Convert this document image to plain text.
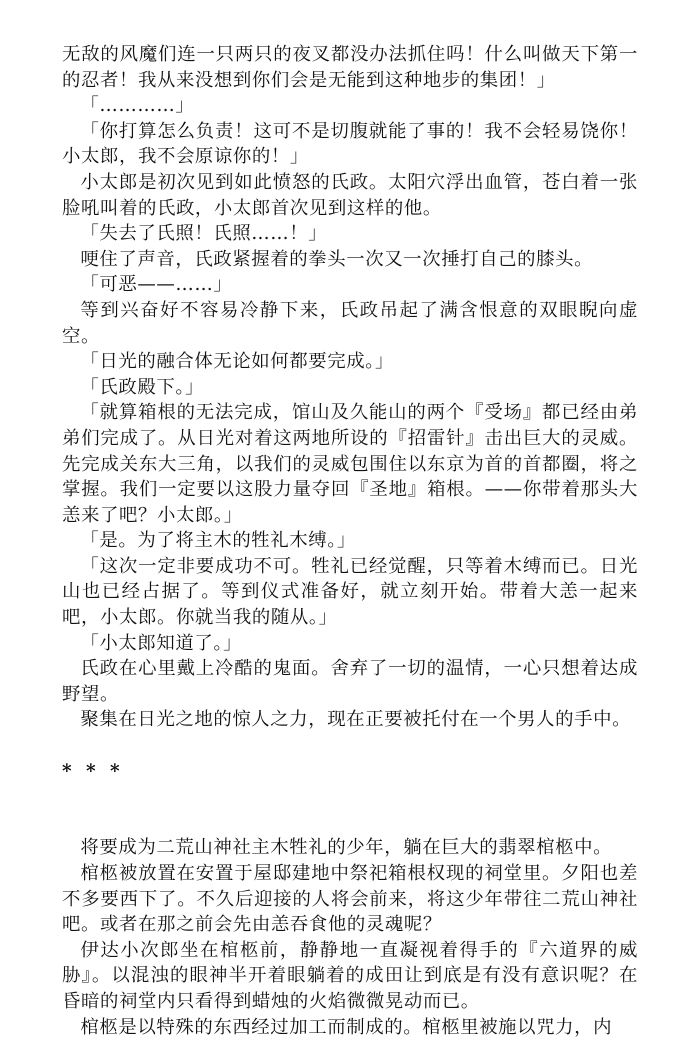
无敌的风魔们连一只两只的夜叉都没办法抓住吗！什么叫做天下第一的忍者！我从来没想到你们会是无能到这种地步的集团！」

「…………」

「你打算怎么负责！这可不是切腹就能了事的！我不会轻易饶你！小太郎，我不会原谅你的！」

小太郎是初次见到如此愤怒的氏政。太阳穴浮出血管，苍白着一张脸吼叫着的氏政，小太郎首次见到这样的他。

「失去了氏照！氏照……！」

哽住了声音，氏政紧握着的拳头一次又一次捶打自己的膝头。

「可恶——……」

等到兴奋好不容易冷静下来，氏政吊起了满含恨意的双眼睨向虚空。

「日光的融合体无论如何都要完成。」

「氏政殿下。」

「就算箱根的无法完成，馆山及久能山的两个『受场』都已经由弟弟们完成了。从日光对着这两地所设的『招雷针』击出巨大的灵威。先完成关东大三角，以我们的灵威包围住以东京为首的首都圈，将之掌握。我们一定要以这股力量夺回『圣地』箱根。——你带着那头大恙来了吧？小太郎。」

「是。为了将主木的牲礼木缚。」

「这次一定非要成功不可。牲礼已经觉醒，只等着木缚而已。日光山也已经占据了。等到仪式准备好，就立刻开始。带着大恙一起来吧，小太郎。你就当我的随从。」

「小太郎知道了。」

氏政在心里戴上冷酷的鬼面。舍弃了一切的温情，一心只想着达成野望。

聚集在日光之地的惊人之力，现在正要被托付在一个男人的手中。

* * *

将要成为二荒山神社主木牲礼的少年，躺在巨大的翡翠棺柩中。

棺柩被放置在安置于屋邸建地中祭祀箱根权现的祠堂里。夕阳也差不多要西下了。不久后迎接的人将会前来，将这少年带往二荒山神社吧。或者在那之前会先由恙吞食他的灵魂呢？

伊达小次郎坐在棺柩前，静静地一直凝视着得手的『六道界的威胁』。以混浊的眼神半开着眼躺着的成田让到底是有没有意识呢？在昏暗的祠堂内只看得到蜡烛的火焰微微晃动而已。

棺柩是以特殊的东西经过加工而制成的。棺柩里被施以咒力，内
